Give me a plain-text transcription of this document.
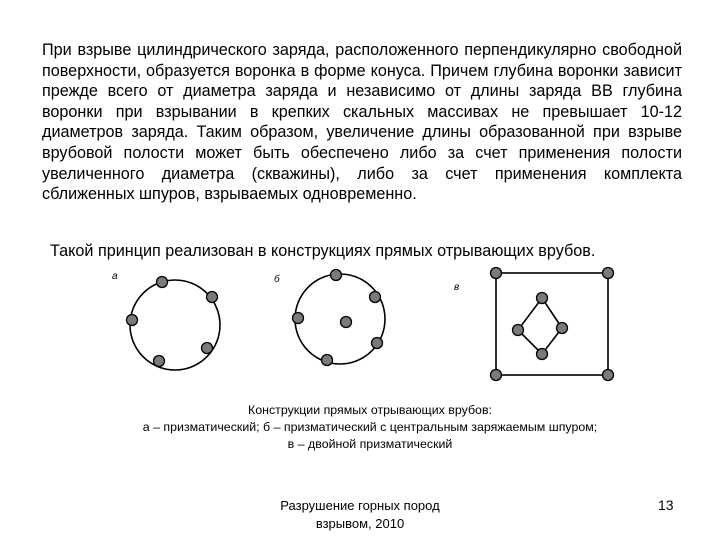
При взрыве цилиндрического заряда, расположенного перпендикулярно свободной поверхности, образуется воронка в форме конуса. Причем глубина воронки зависит прежде всего от диаметра заряда и независимо от длины заряда ВВ глубина воронки при взрывании в крепких скальных массивах не превышает 10-12 диаметров заряда. Таким образом, увеличение длины образованной при взрыве врубовой полости может быть обеспечено либо за счет применения полости увеличенного диаметра (скважины), либо за счет применения комплекта сближенных шпуров, взрываемых одновременно.

Такой принцип реализован в конструкциях прямых отрывающих врубов.

а	б
в
Конструкции прямых отрывающих врубов:
а – призматический; б – призматический с центральным заряжаемым шпуром;
в – двойной призматический
Разрушение горных пород
взрывом, 2010
13
